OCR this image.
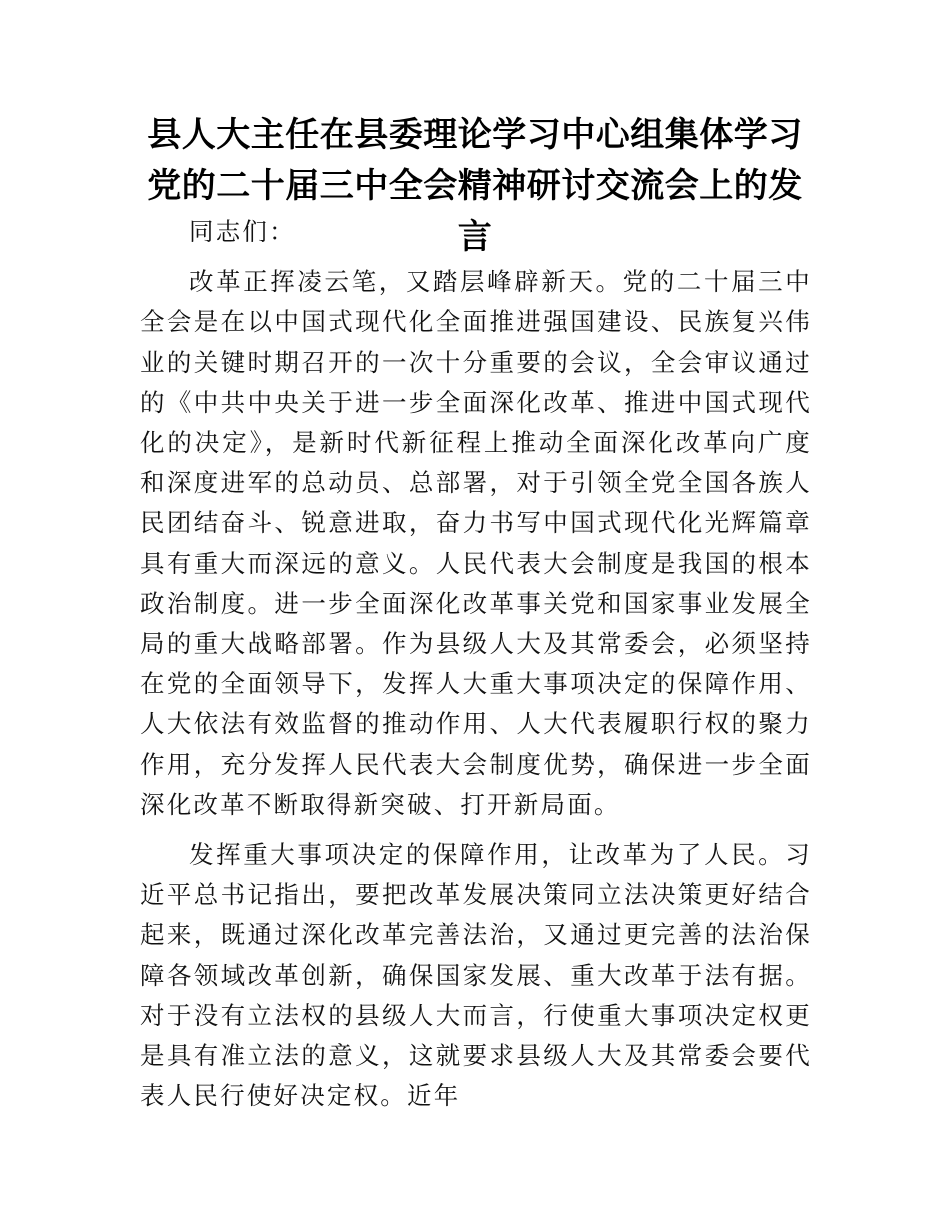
县人大主任在县委理论学习中心组集体学习党的二十届三中全会精神研讨交流会上的发言

同志们：

改革正挥凌云笔，又踏层峰辟新天。党的二十届三中全会是在以中国式现代化全面推进强国建设、民族复兴伟业的关键时期召开的一次十分重要的会议，全会审议通过的《中共中央关于进一步全面深化改革、推进中国式现代化的决定》，是新时代新征程上推动全面深化改革向广度和深度进军的总动员、总部署，对于引领全党全国各族人民团结奋斗、锐意进取，奋力书写中国式现代化光辉篇章具有重大而深远的意义。人民代表大会制度是我国的根本政治制度。进一步全面深化改革事关党和国家事业发展全局的重大战略部署。作为县级人大及其常委会，必须坚持在党的全面领导下，发挥人大重大事项决定的保障作用、人大依法有效监督的推动作用、人大代表履职行权的聚力作用，充分发挥人民代表大会制度优势，确保进一步全面深化改革不断取得新突破、打开新局面。

发挥重大事项决定的保障作用，让改革为了人民。习近平总书记指出，要把改革发展决策同立法决策更好结合起来，既通过深化改革完善法治，又通过更完善的法治保障各领域改革创新，确保国家发展、重大改革于法有据。对于没有立法权的县级人大而言，行使重大事项决定权更是具有准立法的意义，这就要求县级人大及其常委会要代表人民行使好决定权。近年
